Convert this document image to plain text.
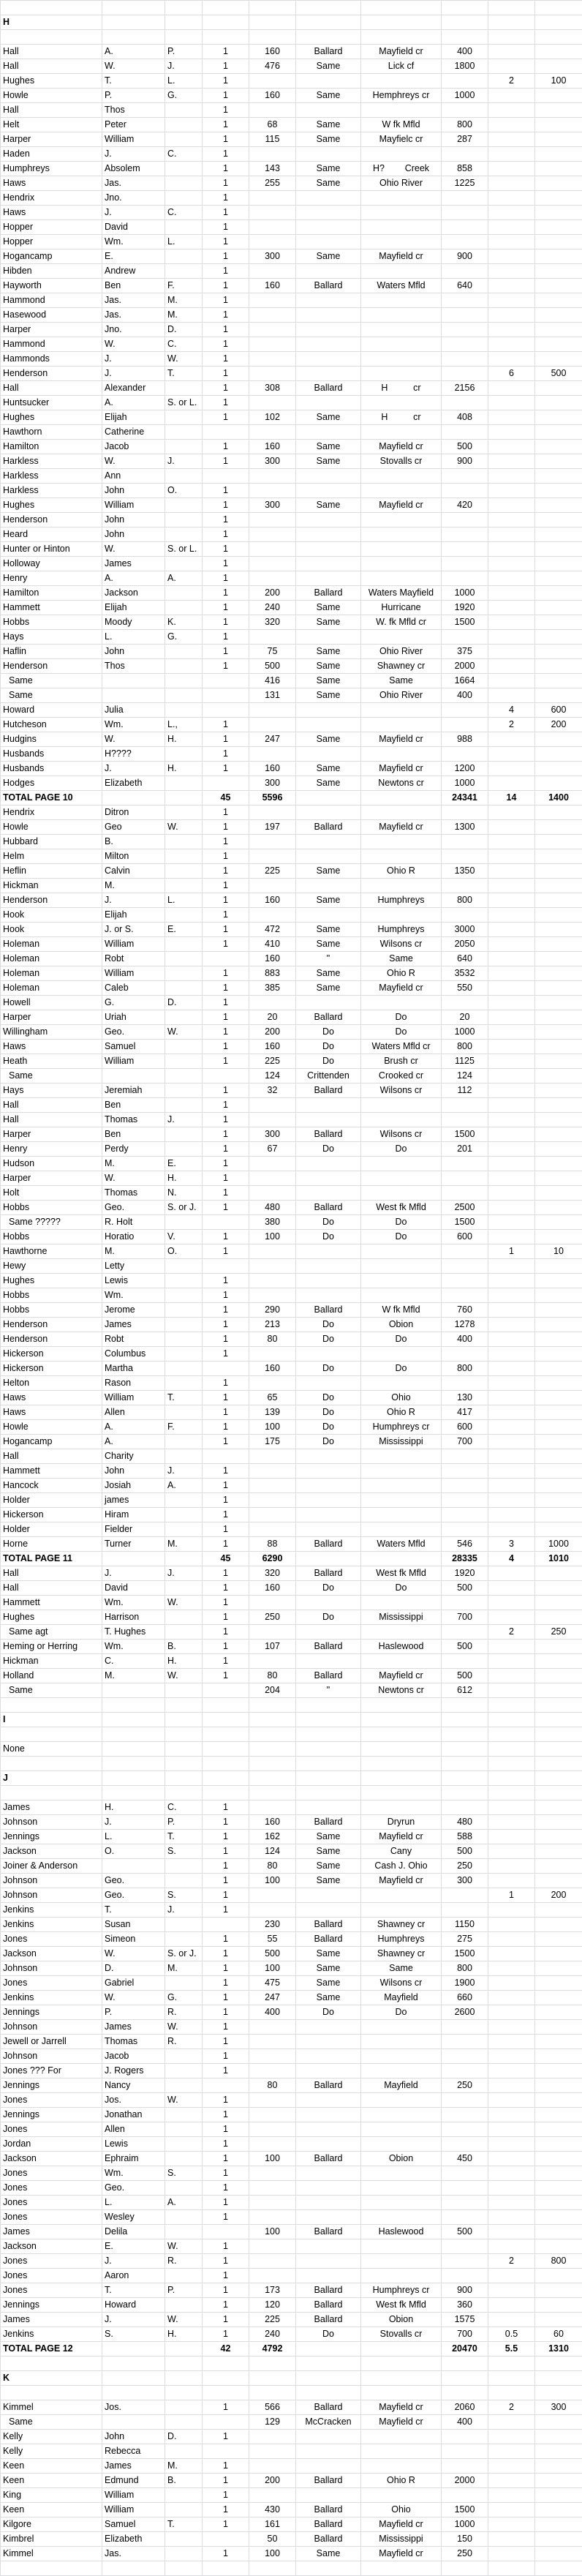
H									

Hall	A.	P.	1	160	Ballard	Mayfield cr	400		
Hall	W.	J.	1	476	Same	Lick cf	1800		
Hughes	T.	L.	1					2	100
Howle	P.	G.	1	160	Same	Hemphreys cr	1000		
Hall	Thos		1						
Helt	Peter		1	68	Same	W fk Mfld	800		
Harper	William		1	115	Same	Mayfielc cr	287		
Haden	J.	C.	1						
Humphreys	Absolem		1	143	Same	H?        Creek	858		
Haws	Jas.		1	255	Same	Ohio River	1225		
Hendrix	Jno.		1						
Haws	J.	C.	1						
Hopper	David		1						
Hopper	Wm.	L.	1						
Hogancamp	E.		1	300	Same	Mayfield cr	900		
Hibden	Andrew		1						
Hayworth	Ben	F.	1	160	Ballard	Waters Mfld	640		
Hammond	Jas.	M.	1						
Hasewood	Jas.	M.	1						
Harper	Jno.	D.	1						
Hammond	W.	C.	1						
Hammonds	J.	W.	1						
Henderson	J.	T.	1					6	500
Hall	Alexander		1	308	Ballard	H          cr	2156		
Huntsucker	A.	S. or L.	1						
Hughes	Elijah		1	102	Same	H          cr	408		
Hawthorn	Catherine								
Hamilton	Jacob		1	160	Same	Mayfield cr	500		
Harkless	W.	J.	1	300	Same	Stovalls cr	900		
Harkless	Ann								
Harkless	John	O.	1						
Hughes	William		1	300	Same	Mayfield cr	420		
Henderson	John		1						
Heard	John		1						
Hunter or Hinton	W.	S. or L.	1						
Holloway	James		1						
Henry	A.	A.	1						
Hamilton	Jackson		1	200	Ballard	Waters Mayfield	1000		
Hammett	Elijah		1	240	Same	Hurricane	1920		
Hobbs	Moody	K.	1	320	Same	W. fk Mfld cr	1500		
Hays	L.	G.	1						
Haflin	John		1	75	Same	Ohio River	375		
Henderson	Thos		1	500	Same	Shawney cr	2000		
Same				416	Same	Same	1664		
Same				131	Same	Ohio River	400		
Howard	Julia							4	600
Hutcheson	Wm.	L.,	1					2	200
Hudgins	W.	H.	1	247	Same	Mayfield cr	988		
Husbands	H????		1						
Husbands	J.	H.	1	160	Same	Mayfield cr	1200		
Hodges	Elizabeth			300	Same	Newtons cr	1000		
TOTAL PAGE 10			45	5596			24341	14	1400
Hendrix	Ditron		1						
Howle	Geo	W.	1	197	Ballard	Mayfield cr	1300		
Hubbard	B.		1						
Helm	Milton		1						
Heflin	Calvin		1	225	Same	Ohio R	1350		
Hickman	M.		1						
Henderson	J.	L.	1	160	Same	Humphreys	800		
Hook	Elijah		1						
Hook	J. or S.	E.	1	472	Same	Humphreys	3000		
Holeman	William		1	410	Same	Wilsons cr	2050		
Holeman	Robt			160	"	Same	640		
Holeman	William		1	883	Same	Ohio R	3532		
Holeman	Caleb		1	385	Same	Mayfield cr	550		
Howell	G.	D.	1						
Harper	Uriah		1	20	Ballard	Do	20		
Willingham	Geo.	W.	1	200	Do	Do	1000		
Haws	Samuel		1	160	Do	Waters Mfld cr	800		
Heath	William		1	225	Do	Brush cr	1125		
Same				124	Crittenden	Crooked cr	124		
Hays	Jeremiah		1	32	Ballard	Wilsons cr	112		
Hall	Ben		1						
Hall	Thomas	J.	1						
Harper	Ben		1	300	Ballard	Wilsons cr	1500		
Henry	Perdy		1	67	Do	Do	201		
Hudson	M.	E.	1						
Harper	W.	H.	1						
Holt	Thomas	N.	1						
Hobbs	Geo.	S. or J.	1	480	Ballard	West fk Mfld	2500		
Same ?????	R. Holt			380	Do	Do	1500		
Hobbs	Horatio	V.	1	100	Do	Do	600		
Hawthorne	M.	O.	1					1	10
Hewy	Letty								
Hughes	Lewis		1						
Hobbs	Wm.		1						
Hobbs	Jerome		1	290	Ballard	W fk Mfld	760		
Henderson	James		1	213	Do	Obion	1278		
Henderson	Robt		1	80	Do	Do	400		
Hickerson	Columbus		1						
Hickerson	Martha			160	Do	Do	800		
Helton	Rason		1						
Haws	William	T.	1	65	Do	Ohio	130		
Haws	Allen		1	139	Do	Ohio R	417		
Howle	A.	F.	1	100	Do	Humphreys cr	600		
Hogancamp	A.		1	175	Do	Mississippi	700		
Hall	Charity								
Hammett	John	J.	1						
Hancock	Josiah	A.	1						
Holder	james		1						
Hickerson	Hiram		1						
Holder	Fielder		1						
Horne	Turner	M.	1	88	Ballard	Waters Mfld	546	3	1000
TOTAL PAGE 11			45	6290			28335	4	1010
Hall	J.	J.	1	320	Ballard	West fk Mfld	1920		
Hall	David		1	160	Do	Do	500		
Hammett	Wm.	W.	1						
Hughes	Harrison		1	250	Do	Mississippi	700		
Same agt	T. Hughes		1					2	250
Heming or Herring	Wm.	B.	1	107	Ballard	Haslewood	500		
Hickman	C.	H.	1						
Holland	M.	W.	1	80	Ballard	Mayfield cr	500		
Same				204	"	Newtons cr	612		

I									

None									

J									

James	H.	C.	1						
Johnson	J.	P.	1	160	Ballard	Dryrun	480		
Jennings	L.	T.	1	162	Same	Mayfield cr	588		
Jackson	O.	S.	1	124	Same	Cany	500		
Joiner & Anderson			1	80	Same	Cash J. Ohio	250		
Johnson	Geo.		1	100	Same	Mayfield cr	300		
Johnson	Geo.	S.	1					1	200
Jenkins	T.	J.	1						
Jenkins	Susan			230	Ballard	Shawney cr	1150		
Jones	Simeon		1	55	Ballard	Humphreys	275		
Jackson	W.	S. or J.	1	500	Same	Shawney cr	1500		
Johnson	D.	M.	1	100	Same	Same	800		
Jones	Gabriel		1	475	Same	Wilsons cr	1900		
Jenkins	W.	G.	1	247	Same	Mayfield	660		
Jennings	P.	R.	1	400	Do	Do	2600		
Johnson	James	W.	1						
Jewell or Jarrell	Thomas	R.	1						
Johnson	Jacob		1						
Jones ??? For	J. Rogers		1						
Jennings	Nancy			80	Ballard	Mayfield	250		
Jones	Jos.	W.	1						
Jennings	Jonathan		1						
Jones	Allen		1						
Jordan	Lewis		1						
Jackson	Ephraim		1	100	Ballard	Obion	450		
Jones	Wm.	S.	1						
Jones	Geo.		1						
Jones	L.	A.	1						
Jones	Wesley		1						
James	Delila			100	Ballard	Haslewood	500		
Jackson	E.	W.	1						
Jones	J.	R.	1					2	800
Jones	Aaron		1						
Jones	T.	P.	1	173	Ballard	Humphreys cr	900		
Jennings	Howard		1	120	Ballard	West fk Mfld	360		
James	J.	W.	1	225	Ballard	Obion	1575		
Jenkins	S.	H.	1	240	Do	Stovalls cr	700	0.5	60
TOTAL PAGE 12			42	4792			20470	5.5	1310

K									

Kimmel	Jos.		1	566	Ballard	Mayfield cr	2060	2	300
Same				129	McCracken	Mayfield cr	400		
Kelly	John	D.	1						
Kelly	Rebecca								
Keen	James	M.	1						
Keen	Edmund	B.	1	200	Ballard	Ohio R	2000		
King	William		1						
Keen	William		1	430	Ballard	Ohio	1500		
Kilgore	Samuel	T.	1	161	Ballard	Mayfield cr	1000		
Kimbrel	Elizabeth			50	Ballard	Mississippi	150		
Kimmel	Jas.		1	100	Same	Mayfield cr	250		
